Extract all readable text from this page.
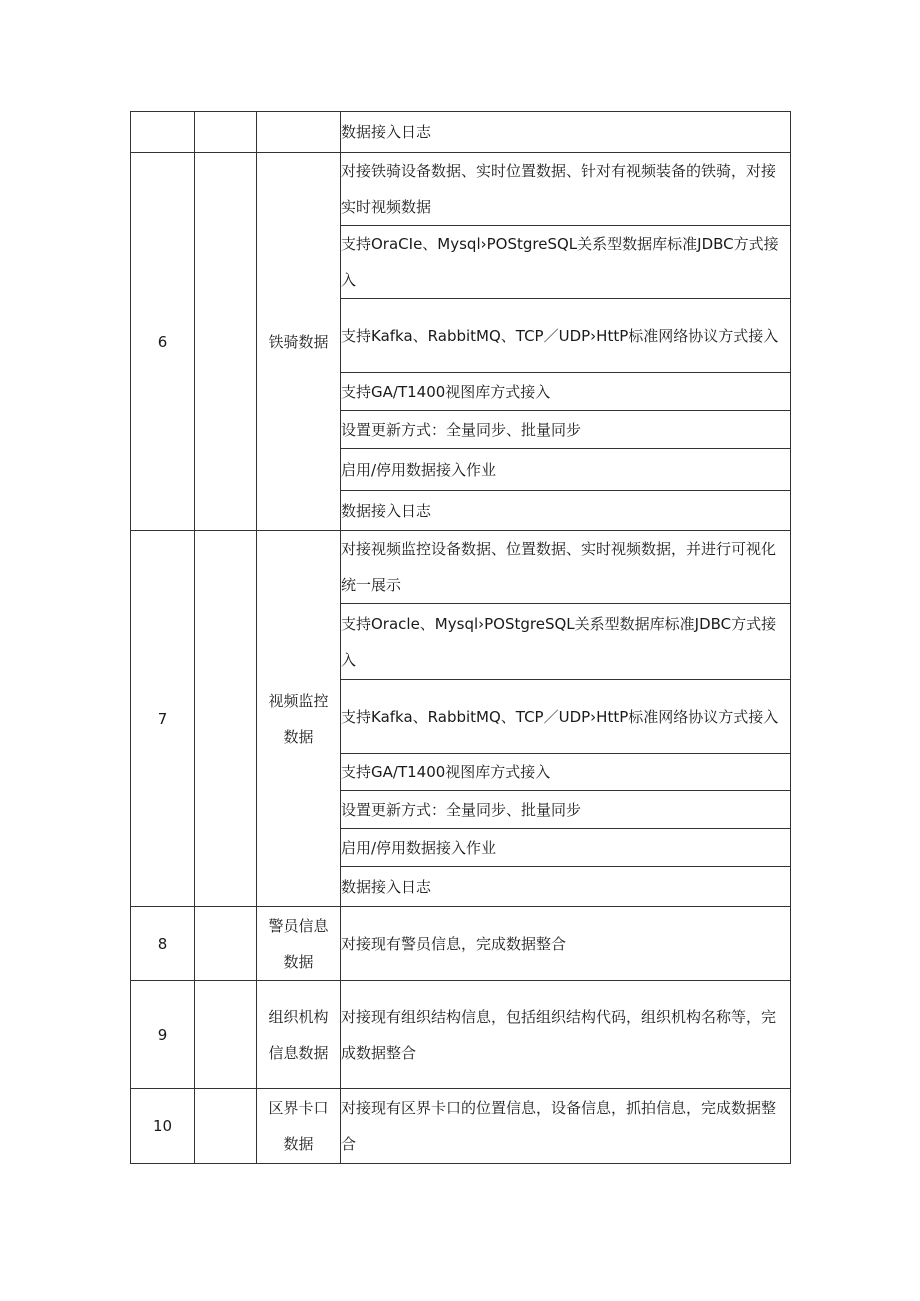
			数据接入日志
6		铁骑数据	对接铁骑设备数据、实时位置数据、针对有视频装备的铁骑，对接实时视频数据
			支持OraCIe、Mysql›POStgreSQL关系型数据库标准JDBC方式接入
			支持Kafka、RabbitMQ、TCP／UDP›HttP标准网络协议方式接入
			支持GA/T1400视图库方式接入
			设置更新方式：全量同步、批量同步
			启用/停用数据接入作业
			数据接入日志
7		视频监控数据	对接视频监控设备数据、位置数据、实时视频数据，并进行可视化统一展示
			支持Oracle、Mysql›POStgreSQL关系型数据库标准JDBC方式接入
			支持Kafka、RabbitMQ、TCP／UDP›HttP标准网络协议方式接入
			支持GA/T1400视图库方式接入
			设置更新方式：全量同步、批量同步
			启用/停用数据接入作业
			数据接入日志
8		警员信息数据	对接现有警员信息，完成数据整合
9		组织机构信息数据	对接现有组织结构信息，包括组织结构代码，组织机构名称等，完成数据整合
10		区界卡口数据	对接现有区界卡口的位置信息，设备信息，抓拍信息，完成数据整合
